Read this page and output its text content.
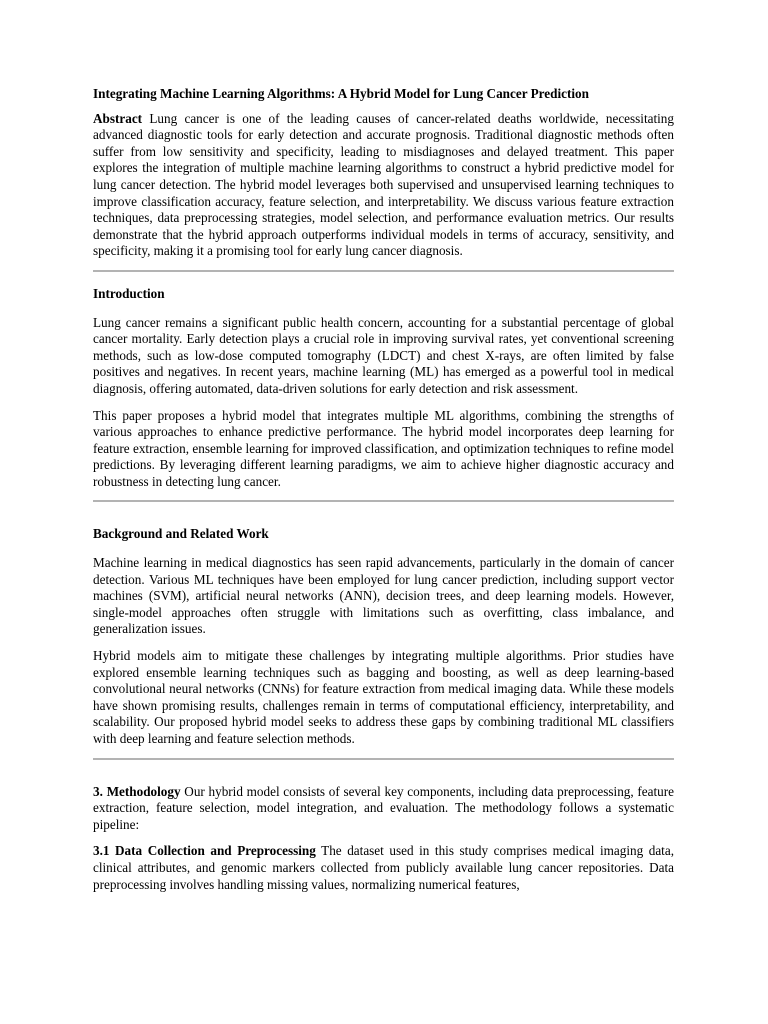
Integrating Machine Learning Algorithms: A Hybrid Model for Lung Cancer Prediction

Abstract Lung cancer is one of the leading causes of cancer-related deaths worldwide, necessitating advanced diagnostic tools for early detection and accurate prognosis. Traditional diagnostic methods often suffer from low sensitivity and specificity, leading to misdiagnoses and delayed treatment. This paper explores the integration of multiple machine learning algorithms to construct a hybrid predictive model for lung cancer detection. The hybrid model leverages both supervised and unsupervised learning techniques to improve classification accuracy, feature selection, and interpretability. We discuss various feature extraction techniques, data preprocessing strategies, model selection, and performance evaluation metrics. Our results demonstrate that the hybrid approach outperforms individual models in terms of accuracy, sensitivity, and specificity, making it a promising tool for early lung cancer diagnosis.

Introduction

Lung cancer remains a significant public health concern, accounting for a substantial percentage of global cancer mortality. Early detection plays a crucial role in improving survival rates, yet conventional screening methods, such as low-dose computed tomography (LDCT) and chest X-rays, are often limited by false positives and negatives. In recent years, machine learning (ML) has emerged as a powerful tool in medical diagnosis, offering automated, data-driven solutions for early detection and risk assessment.

This paper proposes a hybrid model that integrates multiple ML algorithms, combining the strengths of various approaches to enhance predictive performance. The hybrid model incorporates deep learning for feature extraction, ensemble learning for improved classification, and optimization techniques to refine model predictions. By leveraging different learning paradigms, we aim to achieve higher diagnostic accuracy and robustness in detecting lung cancer.

Background and Related Work

Machine learning in medical diagnostics has seen rapid advancements, particularly in the domain of cancer detection. Various ML techniques have been employed for lung cancer prediction, including support vector machines (SVM), artificial neural networks (ANN), decision trees, and deep learning models. However, single-model approaches often struggle with limitations such as overfitting, class imbalance, and generalization issues.

Hybrid models aim to mitigate these challenges by integrating multiple algorithms. Prior studies have explored ensemble learning techniques such as bagging and boosting, as well as deep learning-based convolutional neural networks (CNNs) for feature extraction from medical imaging data. While these models have shown promising results, challenges remain in terms of computational efficiency, interpretability, and scalability. Our proposed hybrid model seeks to address these gaps by combining traditional ML classifiers with deep learning and feature selection methods.

3. Methodology Our hybrid model consists of several key components, including data preprocessing, feature extraction, feature selection, model integration, and evaluation. The methodology follows a systematic pipeline:

3.1 Data Collection and Preprocessing The dataset used in this study comprises medical imaging data, clinical attributes, and genomic markers collected from publicly available lung cancer repositories. Data preprocessing involves handling missing values, normalizing numerical features,
